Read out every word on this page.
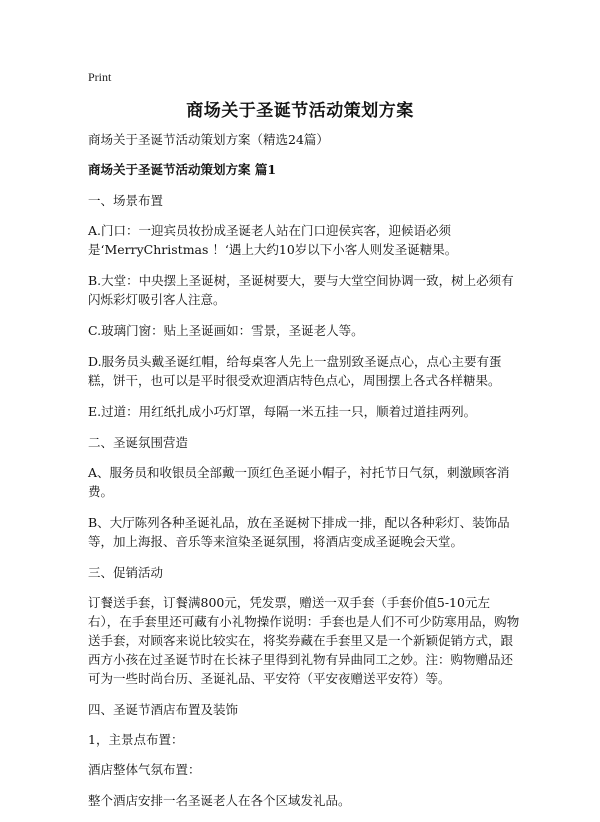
Print
商场关于圣诞节活动策划方案

商场关于圣诞节活动策划方案（精选24篇）

商场关于圣诞节活动策划方案 篇1

一、场景布置

A.门口：一迎宾员妆扮成圣诞老人站在门口迎侯宾客，迎候语必须是‘MerryChristmas ！‘遇上大约10岁以下小客人则发圣诞糖果。

B.大堂：中央摆上圣诞树，圣诞树要大，要与大堂空间协调一致，树上必须有闪烁彩灯吸引客人注意。

C.玻璃门窗：贴上圣诞画如：雪景，圣诞老人等。

D.服务员头戴圣诞红帽，给每桌客人先上一盘别致圣诞点心，点心主要有蛋糕，饼干，也可以是平时很受欢迎酒店特色点心，周围摆上各式各样糖果。

E.过道：用红纸扎成小巧灯罩，每隔一米五挂一只，顺着过道挂两列。

二、圣诞氛围营造

A、服务员和收银员全部戴一顶红色圣诞小帽子，衬托节日气氛，刺激顾客消费。

B、大厅陈列各种圣诞礼品，放在圣诞树下排成一排，配以各种彩灯、装饰品等，加上海报、音乐等来渲染圣诞氛围，将酒店变成圣诞晚会天堂。

三、促销活动

订餐送手套，订餐满800元，凭发票，赠送一双手套（手套价值5-10元左右），在手套里还可藏有小礼物操作说明：手套也是人们不可少防寒用品，购物送手套，对顾客来说比较实在，将奖券藏在手套里又是一个新颖促销方式，跟西方小孩在过圣诞节时在长袜子里得到礼物有异曲同工之妙。注：购物赠品还可为一些时尚台历、圣诞礼品、平安符（平安夜赠送平安符）等。

四、圣诞节酒店布置及装饰

1，主景点布置：

酒店整体气氛布置：

整个酒店安排一名圣诞老人在各个区域发礼品。
